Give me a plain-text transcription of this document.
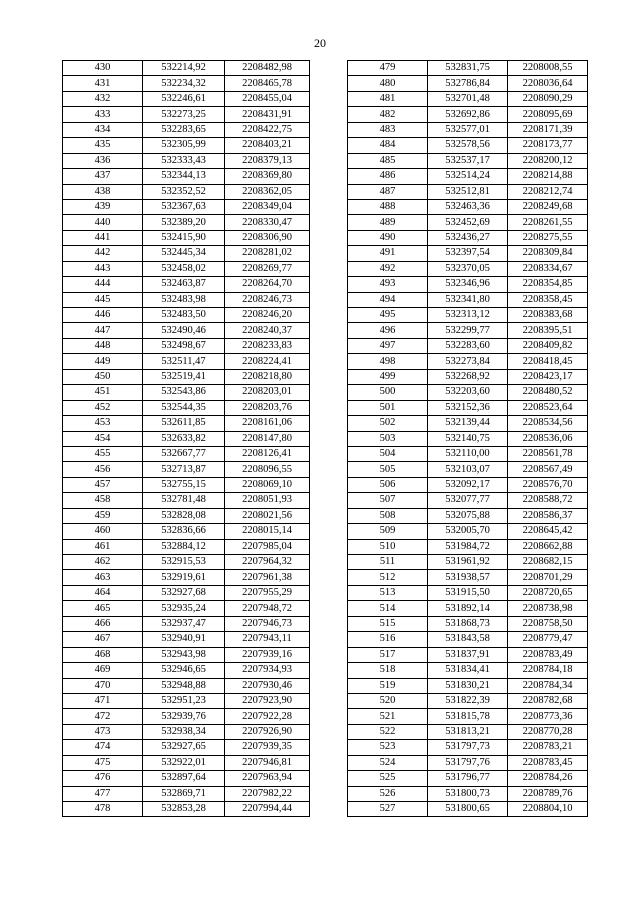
20
430	532214,92	2208482,98
431	532234,32	2208465,78
432	532246,61	2208455,04
433	532273,25	2208431,91
434	532283,65	2208422,75
435	532305,99	2208403,21
436	532333,43	2208379,13
437	532344,13	2208369,80
438	532352,52	2208362,05
439	532367,63	2208349,04
440	532389,20	2208330,47
441	532415,90	2208306,90
442	532445,34	2208281,02
443	532458,02	2208269,77
444	532463,87	2208264,70
445	532483,98	2208246,73
446	532483,50	2208246,20
447	532490,46	2208240,37
448	532498,67	2208233,83
449	532511,47	2208224,41
450	532519,41	2208218,80
451	532543,86	2208203,01
452	532544,35	2208203,76
453	532611,85	2208161,06
454	532633,82	2208147,80
455	532667,77	2208126,41
456	532713,87	2208096,55
457	532755,15	2208069,10
458	532781,48	2208051,93
459	532828,08	2208021,56
460	532836,66	2208015,14
461	532884,12	2207985,04
462	532915,53	2207964,32
463	532919,61	2207961,38
464	532927,68	2207955,29
465	532935,24	2207948,72
466	532937,47	2207946,73
467	532940,91	2207943,11
468	532943,98	2207939,16
469	532946,65	2207934,93
470	532948,88	2207930,46
471	532951,23	2207923,90
472	532939,76	2207922,28
473	532938,34	2207926,90
474	532927,65	2207939,35
475	532922,01	2207946,81
476	532897,64	2207963,94
477	532869,71	2207982,22
478	532853,28	2207994,44
479	532831,75	2208008,55
480	532786,84	2208036,64
481	532701,48	2208090,29
482	532692,86	2208095,69
483	532577,01	2208171,39
484	532578,56	2208173,77
485	532537,17	2208200,12
486	532514,24	2208214,88
487	532512,81	2208212,74
488	532463,36	2208249,68
489	532452,69	2208261,55
490	532436,27	2208275,55
491	532397,54	2208309,84
492	532370,05	2208334,67
493	532346,96	2208354,85
494	532341,80	2208358,45
495	532313,12	2208383,68
496	532299,77	2208395,51
497	532283,60	2208409,82
498	532273,84	2208418,45
499	532268,92	2208423,17
500	532203,60	2208480,52
501	532152,36	2208523,64
502	532139,44	2208534,56
503	532140,75	2208536,06
504	532110,00	2208561,78
505	532103,07	2208567,49
506	532092,17	2208576,70
507	532077,77	2208588,72
508	532075,88	2208586,37
509	532005,70	2208645,42
510	531984,72	2208662,88
511	531961,92	2208682,15
512	531938,57	2208701,29
513	531915,50	2208720,65
514	531892,14	2208738,98
515	531868,73	2208758,50
516	531843,58	2208779,47
517	531837,91	2208783,49
518	531834,41	2208784,18
519	531830,21	2208784,34
520	531822,39	2208782,68
521	531815,78	2208773,36
522	531813,21	2208770,28
523	531797,73	2208783,21
524	531797,76	2208783,45
525	531796,77	2208784,26
526	531800,73	2208789,76
527	531800,65	2208804,10
